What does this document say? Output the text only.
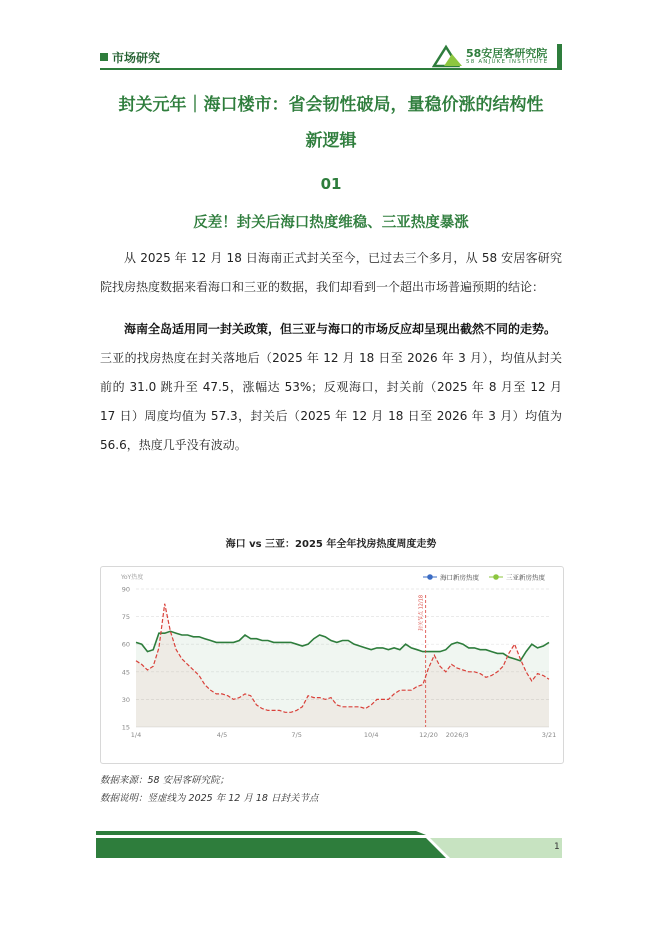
市场研究	58安居客研究院
58 ANJUKE INSTITUTE
封关元年｜海口楼市：省会韧性破局，量稳价涨的结构性
新逻辑
01
反差！封关后海口热度维稳、三亚热度暴涨
从 2025 年 12 月 18 日海南正式封关至今，已过去三个多月，从 58 安居客研究院找房热度数据来看海口和三亚的数据，我们却看到一个超出市场普遍预期的结论：
海南全岛适用同一封关政策，但三亚与海口的市场反应却呈现出截然不同的走势。
三亚的找房热度在封关落地后（2025 年 12 月 18 日至 2026 年 3 月），均值从封关前的 31.0 跳升至 47.5，涨幅达 53%；反观海口，封关前（2025 年 8 月至 12 月 17 日）周度均值为 57.3，封关后（2025 年 12 月 18 日至 2026 年 3 月）均值为 56.6，热度几乎没有波动。
海口 vs 三亚：2025 年全年找房热度周度走势
YoY热度
15
30
45
60
75
90
1/4	4/5	7/5	10/4	12/20 2026/3	3/21
封关节点 12/18
海口新房热度	三亚新房热度
数据来源：58 安居客研究院；
数据说明：竖虚线为 2025 年 12 月 18 日封关节点
1
